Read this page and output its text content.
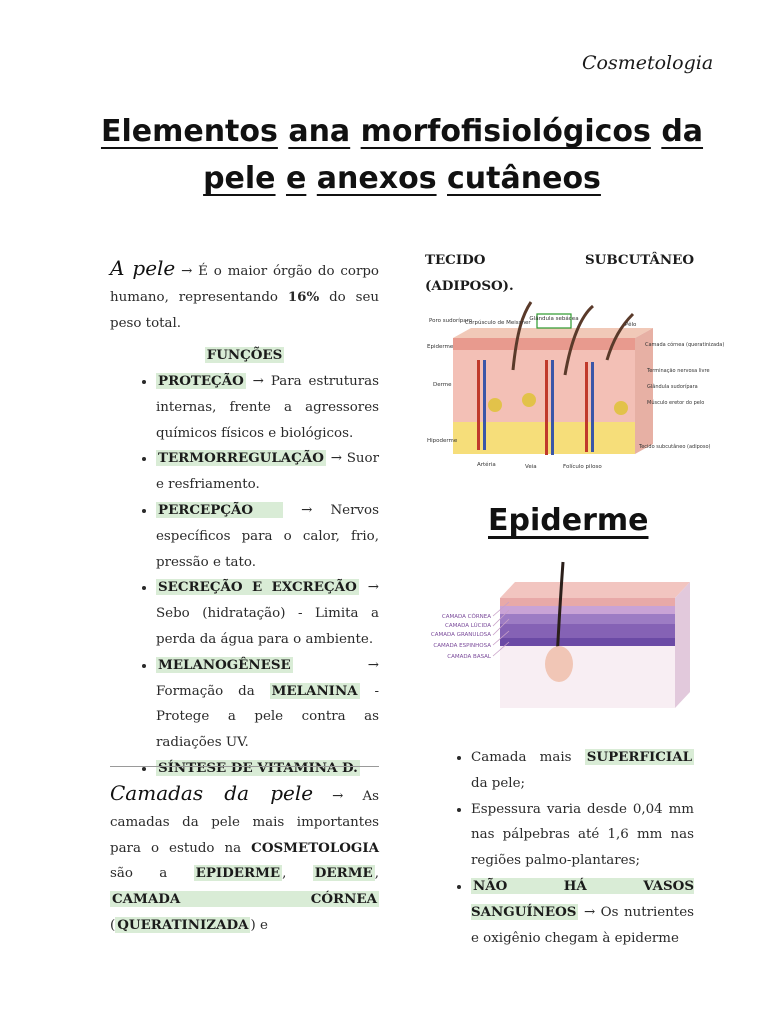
Cosmetologia
Elementos ana morfofisiológicos da
pele e anexos cutâneos
A pele → É o maior órgão do corpo humano, representando 16% do seu peso total.
FUNÇÕES
• PROTEÇÃO → Para estruturas internas, frente a agressores químicos físicos e biológicos.
• TERMORREGULAÇÃO → Suor e resfriamento.
• PERCEPÇÃO → Nervos específicos para o calor, frio, pressão e tato.
• SECREÇÃO E EXCREÇÃO → Sebo (hidratação) - Limita a perda da água para o ambiente.
• MELANOGÊNESE → Formação da MELANINA - Protege a pele contra as radiações UV.
• SÍNTESE DE VITAMINA D.
Camadas da pele → As camadas da pele mais importantes para o estudo na COSMETOLOGIA são a EPIDERME , DERME , CAMADA CÓRNEA ( QUERATINIZADA ) e
TECIDO SUBCUTÂNEO (ADIPOSO).
Glândula sebácea
Poro sudoríparo
Corpúsculo de Meissner	Pêlo
Epiderme
Derme
Hipoderme
Camada córnea (queratinizada)
Terminação nervosa livre
Glândula sudorípara
Músculo eretor do pelo
Tecido subcutâneo (adiposo)
Artéria	Veia	Folículo piloso
Epiderme
CAMADA CÓRNEA
CAMADA LÚCIDA
CAMADA GRANULOSA
CAMADA ESPINHOSA
CAMADA BASAL
• Camada mais SUPERFICIAL da pele;
• Espessura varia desde 0,04 mm nas pálpebras até 1,6 mm nas regiões palmo-plantares;
• NÃO HÁ VASOS SANGUÍNEOS → Os nutrientes e oxigênio chegam à epiderme
